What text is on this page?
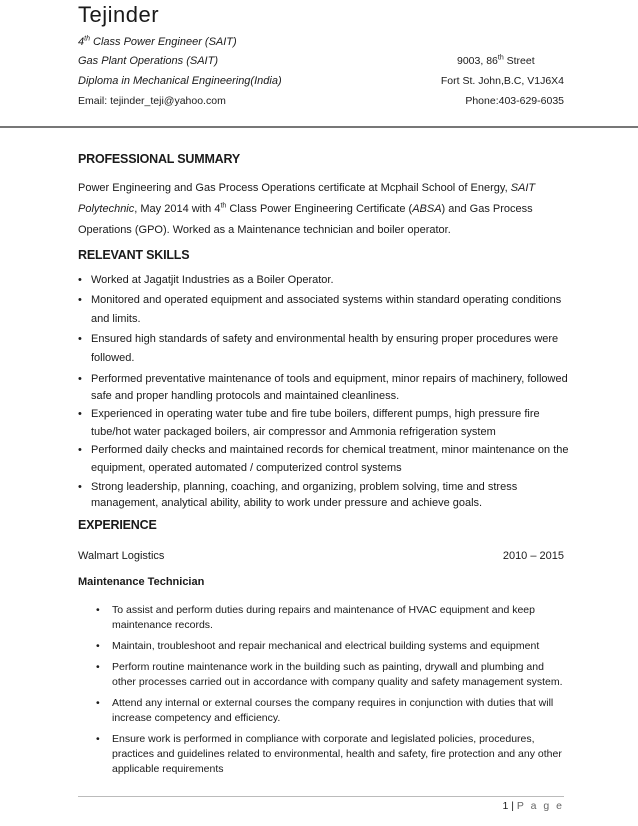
Tejinder
4th Class Power Engineer (SAIT)
Gas Plant Operations (SAIT)
Diploma in Mechanical Engineering(India)
Email: tejinder_teji@yahoo.com
9003, 86th Street
Fort St. John,B.C, V1J6X4
Phone:403-629-6035
PROFESSIONAL SUMMARY
Power Engineering and Gas Process Operations certificate at Mcphail School of Energy, SAIT Polytechnic, May 2014 with 4th Class Power Engineering Certificate (ABSA) and Gas Process Operations (GPO). Worked as a Maintenance technician and boiler operator.
RELEVANT SKILLS
• Worked at Jagatjit Industries as a Boiler Operator.
• Monitored and operated equipment and associated systems within standard operating conditions and limits.
• Ensured high standards of safety and environmental health by ensuring proper procedures were followed.
• Performed preventative maintenance of tools and equipment, minor repairs of machinery, followed safe and proper handling protocols and maintained cleanliness.
• Experienced in operating water tube and fire tube boilers, different pumps, high pressure fire tube/hot water packaged boilers, air compressor and Ammonia refrigeration system
• Performed daily checks and maintained records for chemical treatment, minor maintenance on the equipment, operated automated / computerized control systems
• Strong leadership, planning, coaching, and organizing, problem solving, time and stress management, analytical ability, ability to work under pressure and achieve goals.
EXPERIENCE
Walmart Logistics	2010 – 2015
Maintenance Technician
• To assist and perform duties during repairs and maintenance of HVAC equipment and keep maintenance records.
• Maintain, troubleshoot and repair mechanical and electrical building systems and equipment
• Perform routine maintenance work in the building such as painting, drywall and plumbing and other processes carried out in accordance with company quality and safety management system.
• Attend any internal or external courses the company requires in conjunction with duties that will increase competency and efficiency.
• Ensure work is performed in compliance with corporate and legislated policies, procedures, practices and guidelines related to environmental, health and safety, fire protection and any other applicable requirements
1 | P a g e
